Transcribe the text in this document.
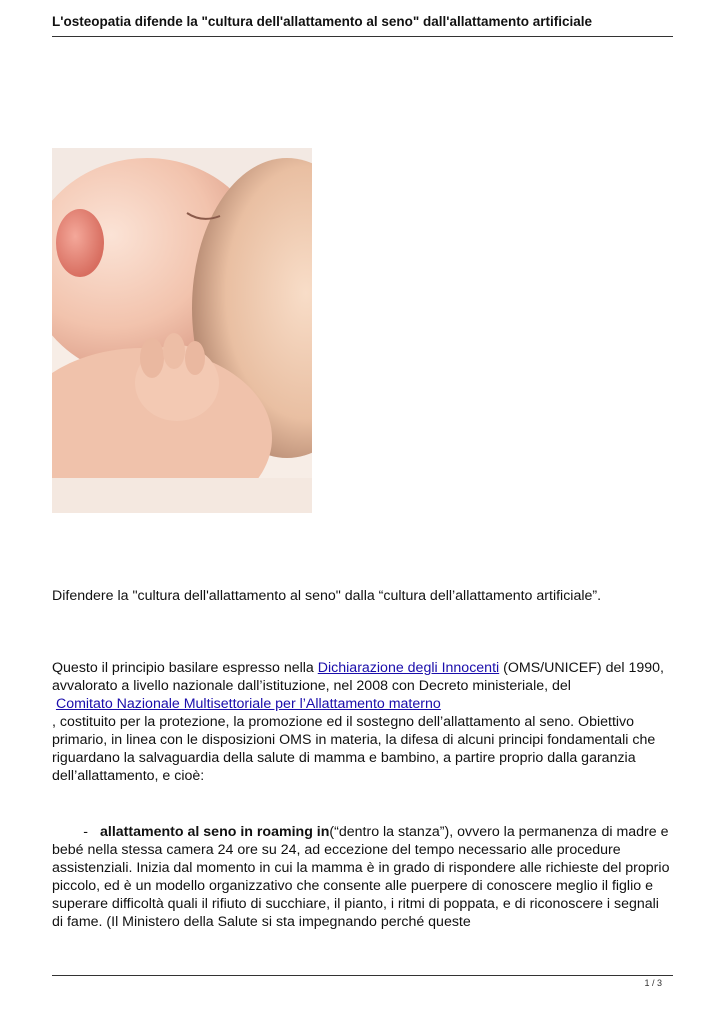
L'osteopatia difende la "cultura dell'allattamento al seno" dall'allattamento artificiale
Difendere la "cultura dell'allattamento al seno" dalla “cultura dell’allattamento artificiale”.
Questo il principio basilare espresso nella Dichiarazione degli Innocenti (OMS/UNICEF) del 1990, avvalorato a livello nazionale dall’istituzione, nel 2008 con Decreto ministeriale, del
Comitato Nazionale Multisettoriale per l’Allattamento materno
, costituito per la protezione, la promozione ed il sostegno dell’allattamento al seno. Obiettivo primario, in linea con le disposizioni OMS in materia, la difesa di alcuni principi fondamentali che riguardano la salvaguardia della salute di mamma e bambino, a partire proprio dalla garanzia dell’allattamento, e cioè:
- allattamento al seno in roaming in(“dentro la stanza”), ovvero la permanenza di madre e bebé nella stessa camera 24 ore su 24, ad eccezione del tempo necessario alle procedure assistenziali. Inizia dal momento in cui la mamma è in grado di rispondere alle richieste del proprio piccolo, ed è un modello organizzativo che consente alle puerpere di conoscere meglio il figlio e superare difficoltà quali il rifiuto di succhiare, il pianto, i ritmi di poppata, e di riconoscere i segnali di fame. (Il Ministero della Salute si sta impegnando perché queste
1 / 3
